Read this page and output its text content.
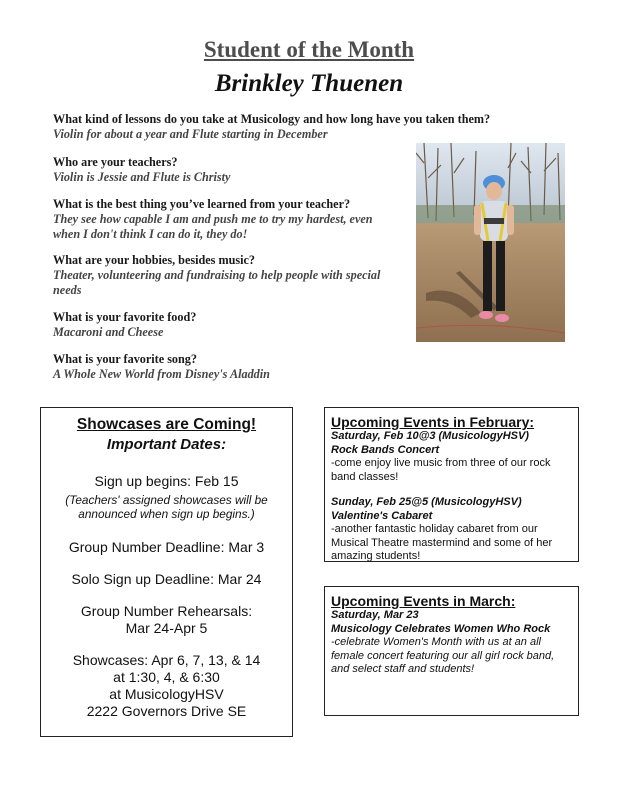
Student of the Month
Brinkley Thuenen
What kind of lessons do you take at Musicology and how long have you taken them?
Violin for about a year and Flute starting in December
Who are your teachers?
Violin is Jessie and Flute is Christy
What is the best thing you’ve learned from your teacher?
They see how capable I am and push me to try my hardest, even when I don't think I can do it, they do!
What are your hobbies, besides music?
Theater, volunteering and fundraising to help people with special needs
What is your favorite food?
Macaroni and Cheese
What is your favorite song?
A Whole New World from Disney's Aladdin
Showcases are Coming!
Important Dates:
Sign up begins: Feb 15
(Teachers' assigned showcases will be announced when sign up begins.)
Group Number Deadline: Mar 3
Solo Sign up Deadline: Mar 24
Group Number Rehearsals:
Mar 24-Apr 5
Showcases: Apr 6, 7, 13, & 14
at 1:30, 4, & 6:30
at MusicologyHSV
2222 Governors Drive SE
Upcoming Events in February:
Saturday, Feb 10@3 (MusicologyHSV)
Rock Bands Concert
-come enjoy live music from three of our rock band classes!
Sunday, Feb 25@5 (MusicologyHSV)
Valentine's Cabaret
-another fantastic holiday cabaret from our Musical Theatre mastermind and some of her amazing students!
Upcoming Events in March:
Saturday, Mar 23
Musicology Celebrates Women Who Rock
-celebrate Women's Month with us at an all female concert featuring our all girl rock band, and select staff and students!
